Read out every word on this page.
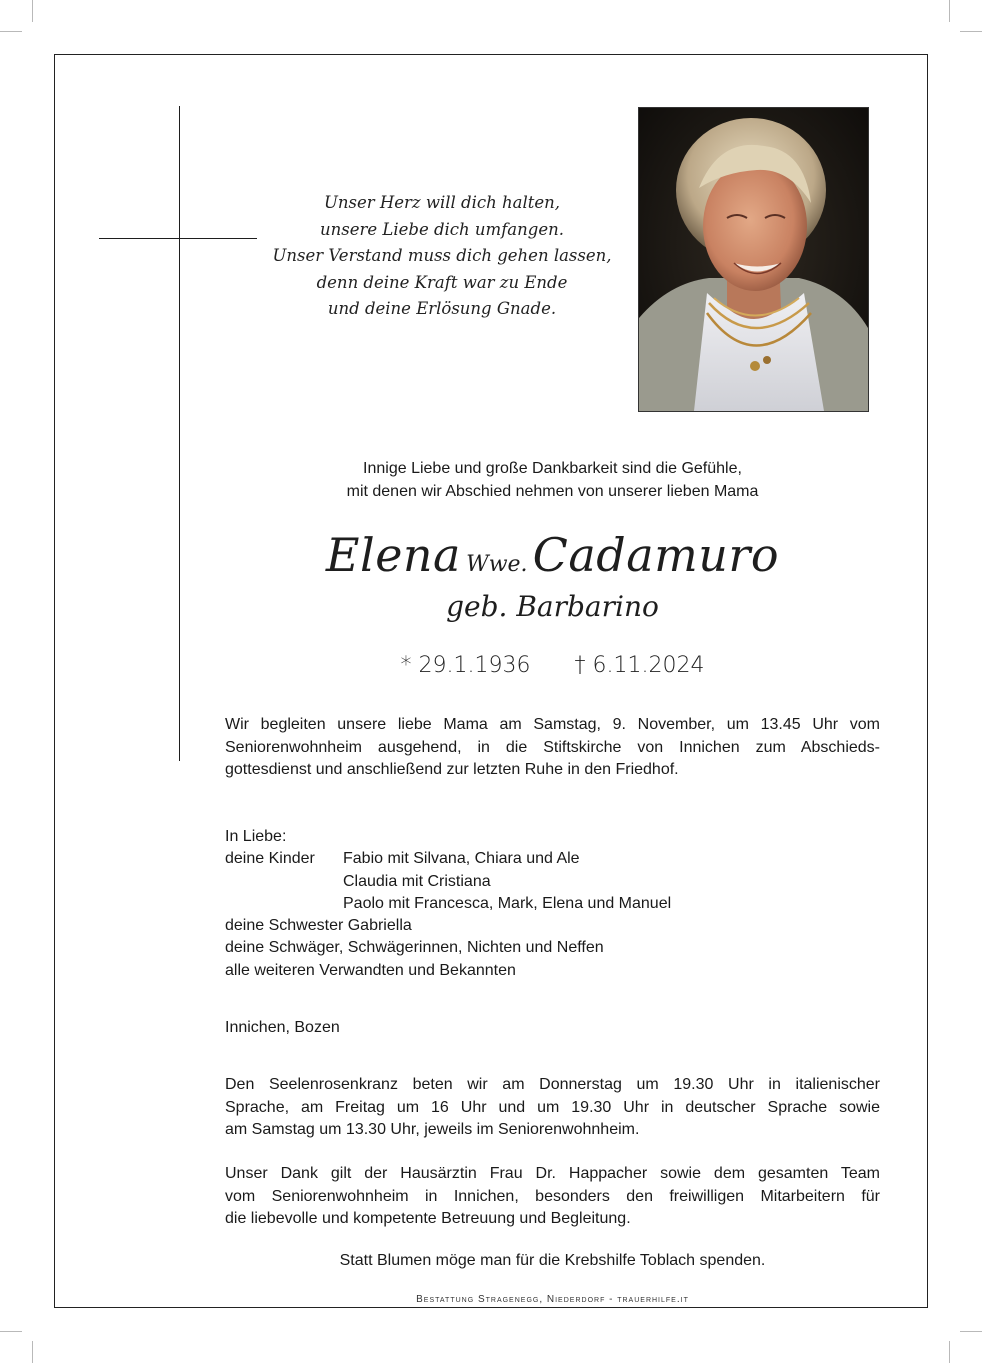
Unser Herz will dich halten,
unsere Liebe dich umfangen.
Unser Verstand muss dich gehen lassen,
denn deine Kraft war zu Ende
und deine Erlösung Gnade.
Innige Liebe und große Dankbarkeit sind die Gefühle,
mit denen wir Abschied nehmen von unserer lieben Mama
Elena Wwe. Cadamuro
geb. Barbarino
* 29.1.1936 † 6.11.2024
Wir begleiten unsere liebe Mama am Samstag, 9. November, um 13.45 Uhr vom
Seniorenwohnheim ausgehend, in die Stiftskirche von Innichen zum Abschieds-
gottesdienst und anschließend zur letzten Ruhe in den Friedhof.
In Liebe:
deine Kinder Fabio mit Silvana, Chiara und Ale
Claudia mit Cristiana
Paolo mit Francesca, Mark, Elena und Manuel
deine Schwester Gabriella
deine Schwäger, Schwägerinnen, Nichten und Neffen
alle weiteren Verwandten und Bekannten
Innichen, Bozen
Den Seelenrosenkranz beten wir am Donnerstag um 19.30 Uhr in italienischer
Sprache, am Freitag um 16 Uhr und um 19.30 Uhr in deutscher Sprache sowie
am Samstag um 13.30 Uhr, jeweils im Seniorenwohnheim.
Unser Dank gilt der Hausärztin Frau Dr. Happacher sowie dem gesamten Team
vom Seniorenwohnheim in Innichen, besonders den freiwilligen Mitarbeitern für
die liebevolle und kompetente Betreuung und Begleitung.
Statt Blumen möge man für die Krebshilfe Toblach spenden.
Bestattung Stragenegg, Niederdorf - trauerhilfe.it
